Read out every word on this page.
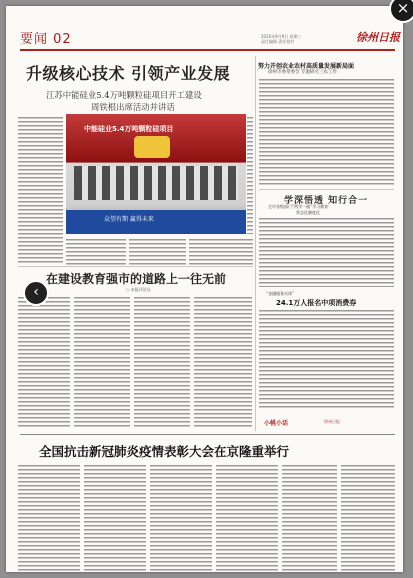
要闻 02	2020年9月9日 星期三
责任编辑 责任校对	徐州日报
升级核心技术 引领产业发展
江苏中能硅业5.4万吨颗粒硅项目开工建设
周铁根出席活动并讲话
中能硅业5.4万吨颗粒硅项目
众望有期 赢得未来
努力开创农业农村高质量发展新局面
徐州市委常委会 专题研究三农工作
学深悟透 知行合一
全市各级部门“两学一做”学习教育
常态化制度化
“金融服务实体”
24.1万人报名中项消费券
小桃小话	徐州日报
在建设教育强市的道路上一往无前
○ 本报评论员
全国抗击新冠肺炎疫情表彰大会在京隆重举行
×
‹
